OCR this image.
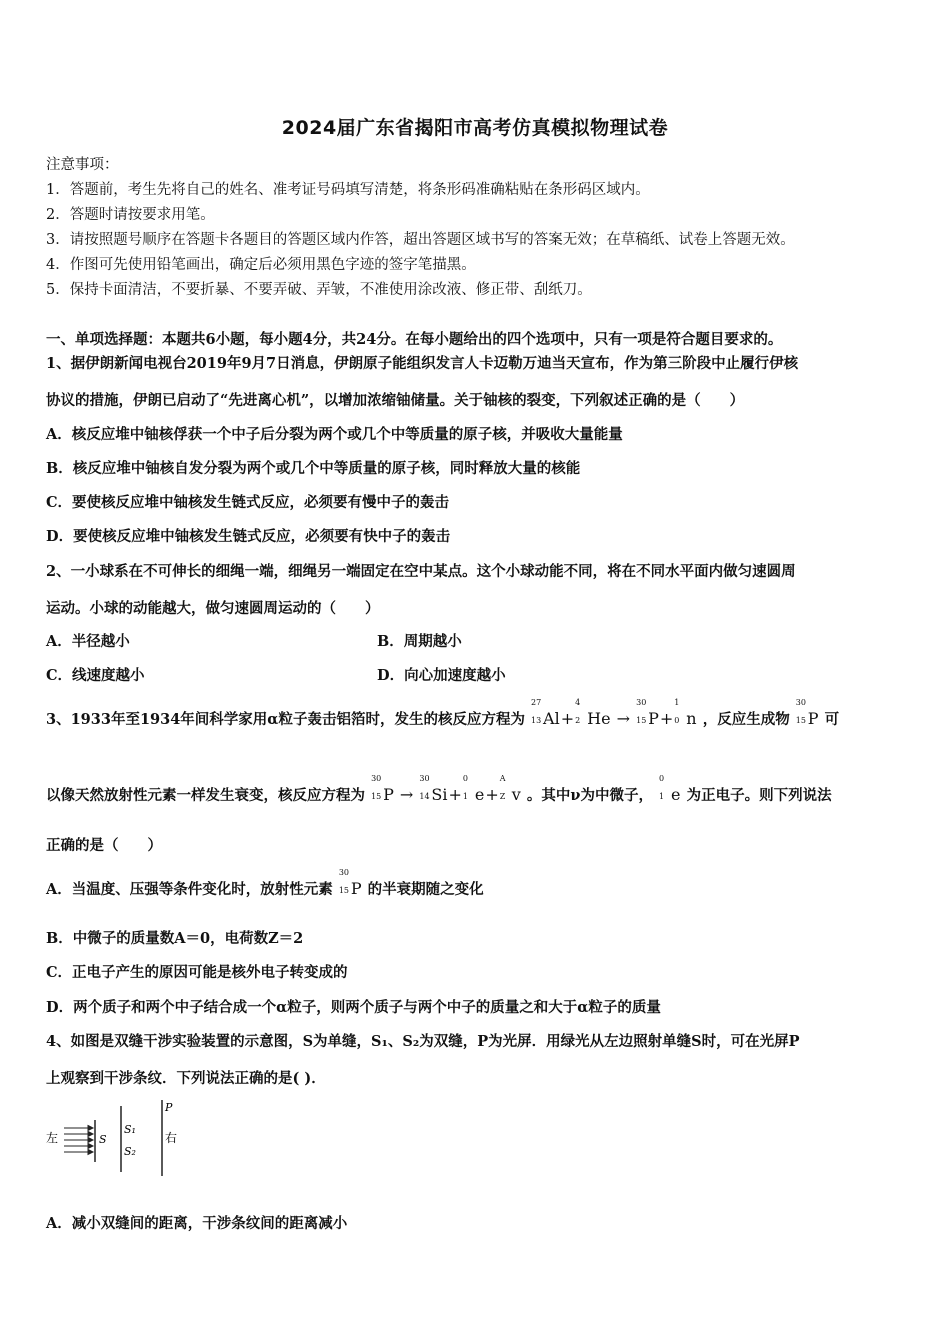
2024届广东省揭阳市高考仿真模拟物理试卷
注意事项：
1．答题前，考生先将自己的姓名、准考证号码填写清楚，将条形码准确粘贴在条形码区域内。
2．答题时请按要求用笔。
3．请按照题号顺序在答题卡各题目的答题区域内作答，超出答题区域书写的答案无效；在草稿纸、试卷上答题无效。
4．作图可先使用铅笔画出，确定后必须用黑色字迹的签字笔描黑。
5．保持卡面清洁，不要折暴、不要弄破、弄皱，不准使用涂改液、修正带、刮纸刀。
一、单项选择题：本题共6小题，每小题4分，共24分。在每小题给出的四个选项中，只有一项是符合题目要求的。
1、据伊朗新闻电视台2019年9月7日消息，伊朗原子能组织发言人卡迈勒万迪当天宣布，作为第三阶段中止履行伊核
协议的措施，伊朗已启动了“先进离心机”，以增加浓缩铀储量。关于铀核的裂变，下列叙述正确的是（　　）
A．核反应堆中铀核俘获一个中子后分裂为两个或几个中等质量的原子核，并吸收大量能量
B．核反应堆中铀核自发分裂为两个或几个中等质量的原子核，同时释放大量的核能
C．要使核反应堆中铀核发生链式反应，必须要有慢中子的轰击
D．要使核反应堆中铀核发生链式反应，必须要有快中子的轰击
2、一小球系在不可伸长的细绳一端，细绳另一端固定在空中某点。这个小球动能不同，将在不同水平面内做匀速圆周
运动。小球的动能越大，做匀速圆周运动的（　　）
A．半径越小	B．周期越小
C．线速度越小	D．向心加速度越小
3、1933年至1934年间科学家用α粒子轰击铝箔时，发生的核反应方程为
27
13 Al+
4
2 He →
30
15 P+
1
0 n ，反应生成物
30
15 P 可
以像天然放射性元素一样发生衰变，核反应方程为
30
15 P →
30
14 Si+
0
1 e+
A
Z v 。其中ν为中微子，
0
1 e 为正电子。则下列说法
正确的是（　　）
A．当温度、压强等条件变化时，放射性元素
30
15 P 的半衰期随之变化
B．中微子的质量数A＝0，电荷数Z＝2
C．正电子产生的原因可能是核外电子转变成的
D．两个质子和两个中子结合成一个α粒子，则两个质子与两个中子的质量之和大于α粒子的质量
4、如图是双缝干涉实验装置的示意图，S为单缝，S₁、S₂为双缝，P为光屏．用绿光从左边照射单缝S时，可在光屏P
上观察到干涉条纹．下列说法正确的是( )．
左	S
S₁
S₂
P
右
A．减小双缝间的距离，干涉条纹间的距离减小
